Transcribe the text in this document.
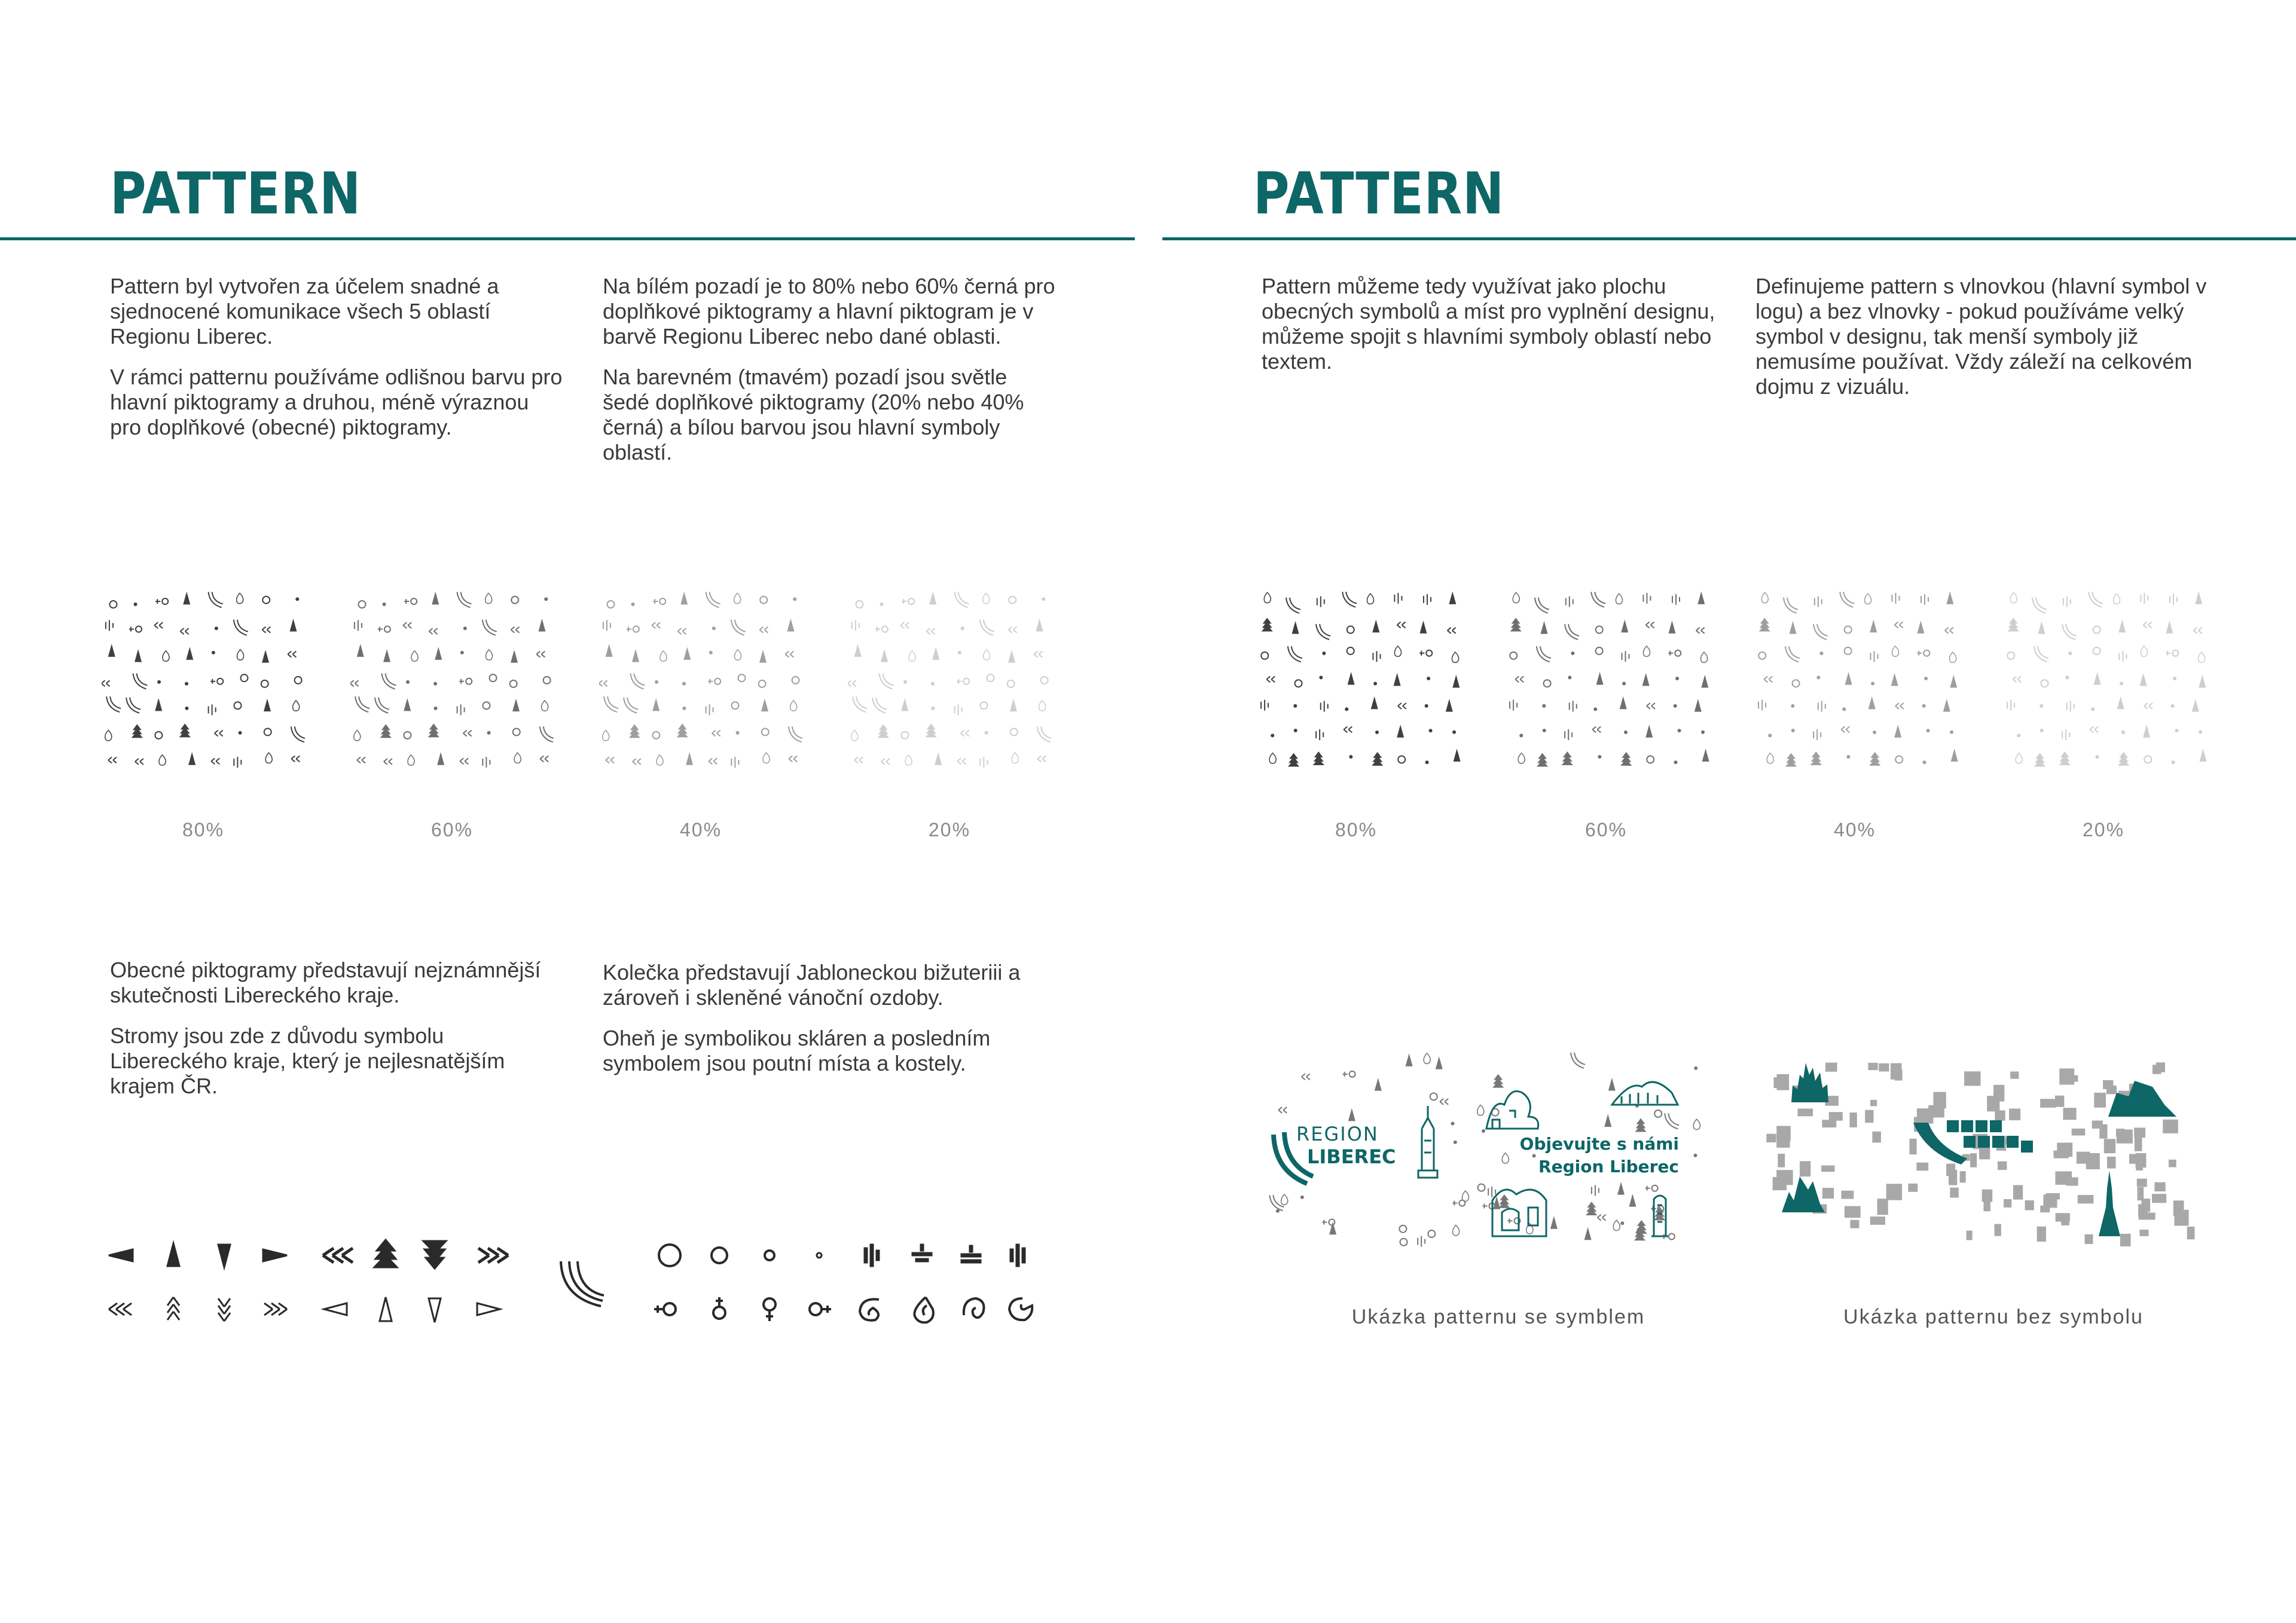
PATTERN

Pattern byl vytvořen za účelem snadné a sjednocené komunikace všech 5 oblastí Regionu Liberec.

V rámci patternu používáme odlišnou barvu pro hlavní piktogramy a druhou, méně výraznou pro doplňkové (obecné) piktogramy.

Na bílém pozadí je to 80% nebo 60% černá pro doplňkové piktogramy a hlavní piktogram je v barvě Regionu Liberec nebo dané oblasti.

Na barevném (tmavém) pozadí jsou světle šedé doplňkové piktogramy (20% nebo 40% černá) a bílou barvou jsou hlavní symboly oblastí.

80%	60%	40%	20%

Obecné piktogramy představují nejznámnější skutečnosti Libereckého kraje.

Stromy jsou zde z důvodu symbolu Libereckého kraje, který je nejlesnatějším krajem ČR.

Kolečka představují Jabloneckou bižuteriii a zároveň i skleněné vánoční ozdoby.

Oheň je symbolikou skláren a posledním symbolem jsou poutní místa a kostely.

PATTERN

Pattern můžeme tedy využívat jako plochu obecných symbolů a míst pro vyplnění designu, můžeme spojit s hlavními symboly oblastí nebo textem.

Definujeme pattern s vlnovkou (hlavní symbol v logu) a bez vlnovky - pokud používáme velký symbol v designu, tak menší symboly již nemusíme používat. Vždy záleží na celkovém dojmu z vizuálu.

80%	60%	40%	20%
REGION
LIBEREC
Objevujte s námi
Region Liberec
Ukázka patternu se symblem	Ukázka patternu bez symbolu
